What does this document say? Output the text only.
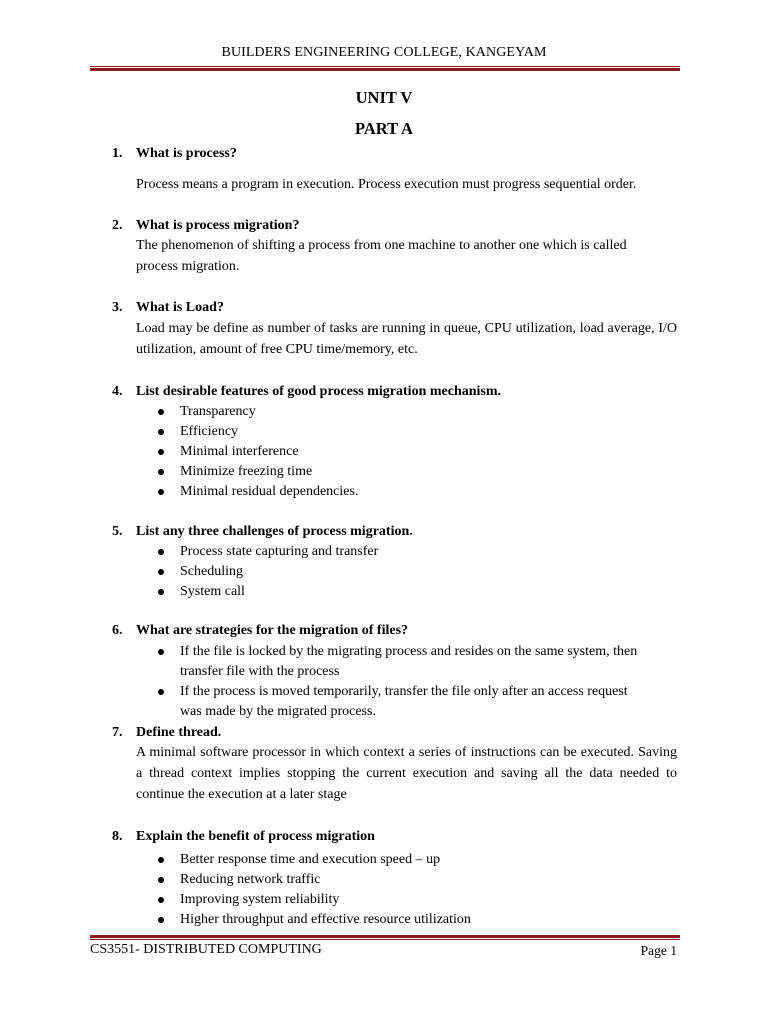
BUILDERS ENGINEERING COLLEGE, KANGEYAM
UNIT V
PART A
1. What is process?
Process means a program in execution. Process execution must progress sequential order.
2. What is process migration?
The phenomenon of shifting a process from one machine to another one which is called process migration.
3. What is Load?
Load may be define as number of tasks are running in queue, CPU utilization, load average, I/O utilization, amount of free CPU time/memory, etc.
4. List desirable features of good process migration mechanism.
Transparency
Efficiency
Minimal interference
Minimize freezing time
Minimal residual dependencies.
5. List any three challenges of process migration.
Process state capturing and transfer
Scheduling
System call
6. What are strategies for the migration of files?
If the file is locked by the migrating process and resides on the same system, then transfer file with the process
If the process is moved temporarily, transfer the file only after an access request was made by the migrated process.
7. Define thread.
A minimal software processor in which context a series of instructions can be executed. Saving a thread context implies stopping the current execution and saving all the data needed to continue the execution at a later stage
8. Explain the benefit of process migration
Better response time and execution speed – up
Reducing network traffic
Improving system reliability
Higher throughput and effective resource utilization
CS3551- DISTRIBUTED COMPUTING	Page 1
